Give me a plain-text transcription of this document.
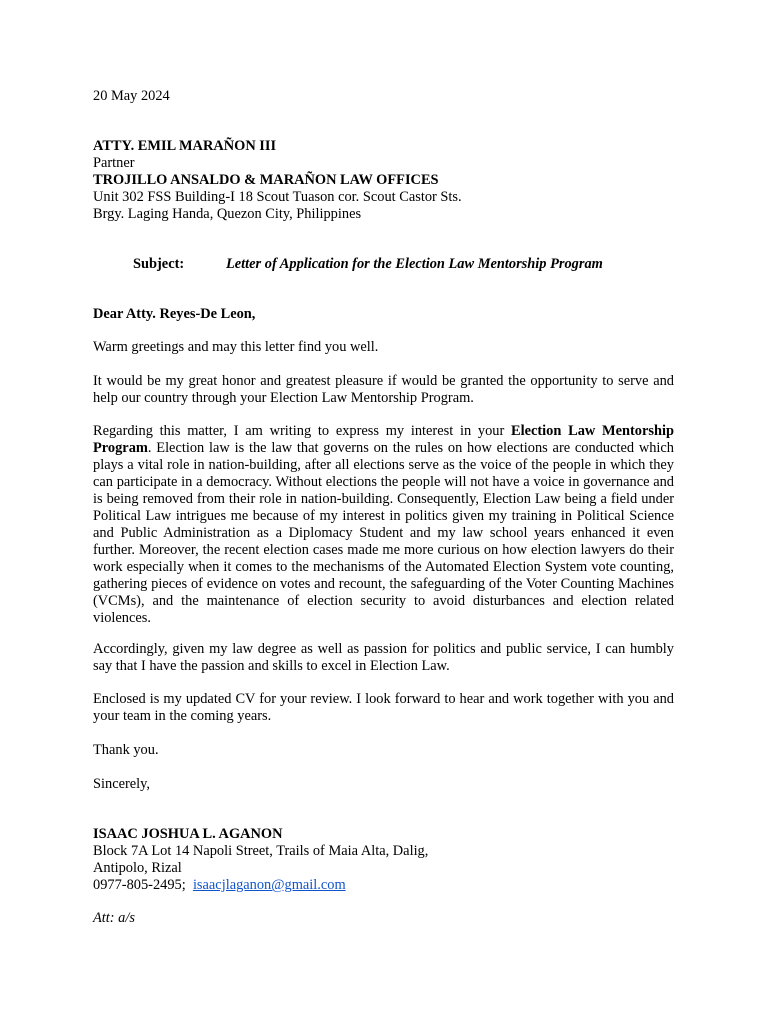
20 May 2024
ATTY. EMIL MARAÑON III
Partner
TROJILLO ANSALDO & MARAÑON LAW OFFICES
Unit 302 FSS Building-I 18 Scout Tuason cor. Scout Castor Sts.
Brgy. Laging Handa, Quezon City, Philippines
Subject:	Letter of Application for the Election Law Mentorship Program
Dear Atty. Reyes-De Leon,
Warm greetings and may this letter find you well.
It would be my great honor and greatest pleasure if would be granted the opportunity to serve and help our country through your Election Law Mentorship Program.
Regarding this matter, I am writing to express my interest in your Election Law Mentorship Program. Election law is the law that governs on the rules on how elections are conducted which plays a vital role in nation-building, after all elections serve as the voice of the people in which they can participate in a democracy. Without elections the people will not have a voice in governance and is being removed from their role in nation-building. Consequently, Election Law being a field under Political Law intrigues me because of my interest in politics given my training in Political Science and Public Administration as a Diplomacy Student and my law school years enhanced it even further. Moreover, the recent election cases made me more curious on how election lawyers do their work especially when it comes to the mechanisms of the Automated Election System vote counting, gathering pieces of evidence on votes and recount, the safeguarding of the Voter Counting Machines (VCMs), and the maintenance of election security to avoid disturbances and election related violences.
Accordingly, given my law degree as well as passion for politics and public service, I can humbly say that I have the passion and skills to excel in Election Law.
Enclosed is my updated CV for your review. I look forward to hear and work together with you and your team in the coming years.
Thank you.
Sincerely,
ISAAC JOSHUA L. AGANON
Block 7A Lot 14 Napoli Street, Trails of Maia Alta, Dalig,
Antipolo, Rizal
0977-805-2495; isaacjlaganon@gmail.com
Att: a/s
